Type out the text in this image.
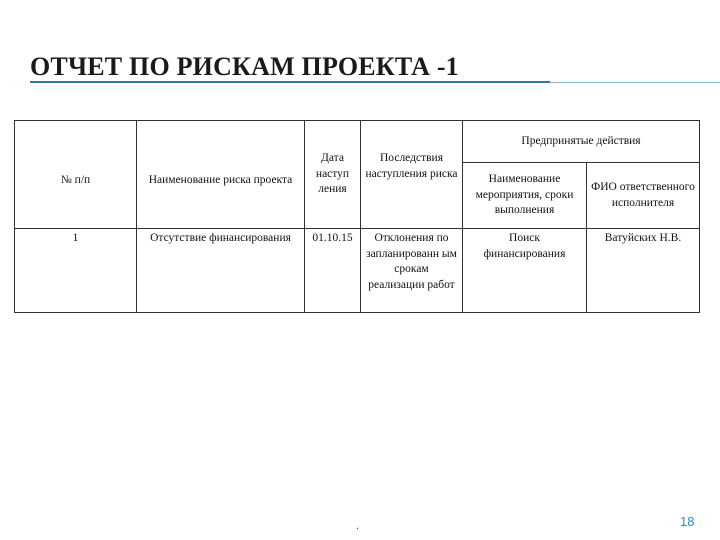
ОТЧЕТ ПО РИСКАМ ПРОЕКТА -1
№ п/п	Наименование риска проекта	Дата наступ ления	Последствия наступления риска	Предпринятые действия	
				Наименование мероприятия, сроки выполнения	ФИО ответственного исполнителя
1	Отсутствие финансирования	01.10.15	Отклонения по запланированн ым срокам реализации работ	Поиск финансирования	Ватуйских Н.В.
.	18
